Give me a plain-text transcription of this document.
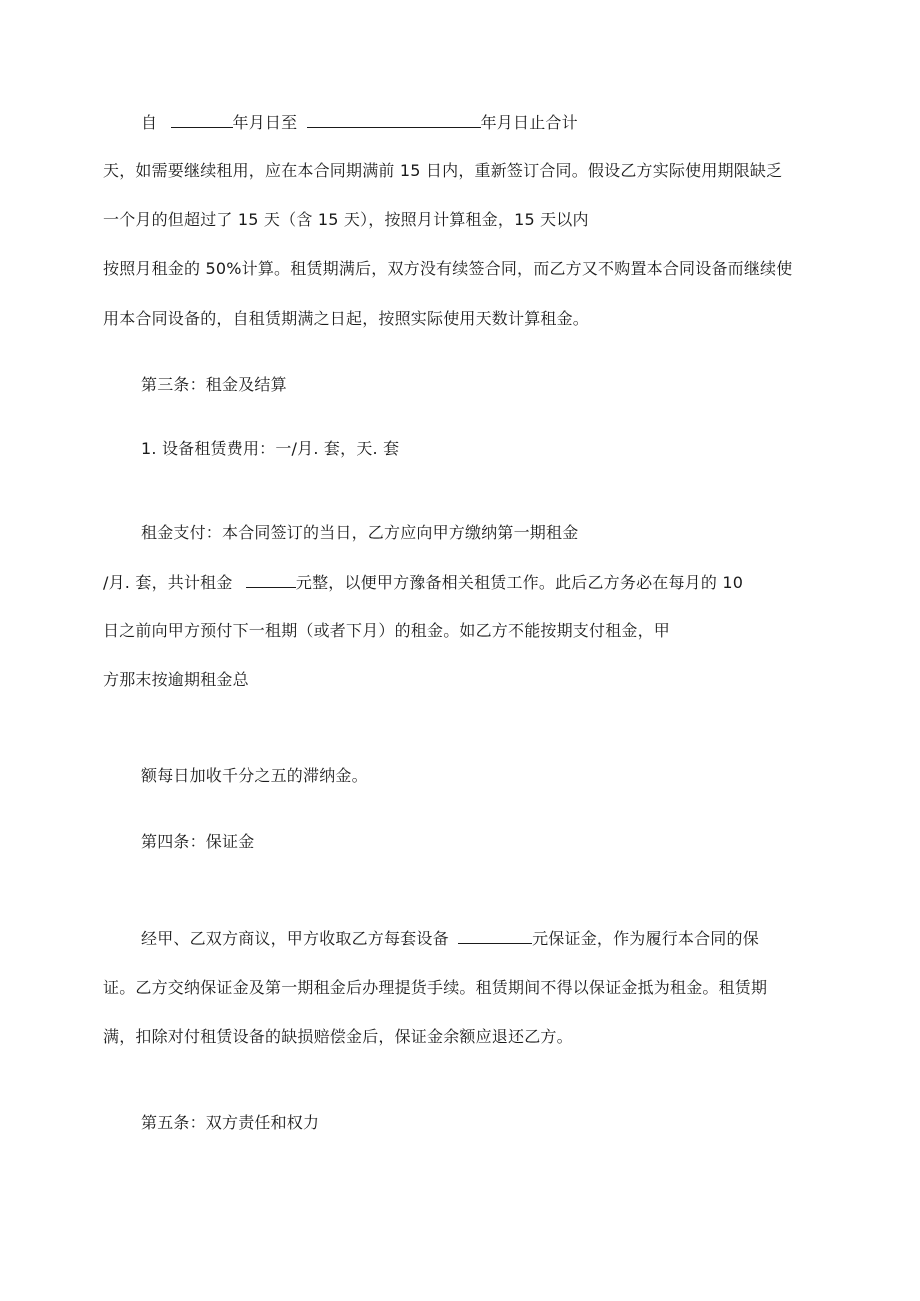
自	年月日至	年月日止合计
天，如需要继续租用，应在本合同期满前 15 日内，重新签订合同。假设乙方实际使用期限缺乏
一个月的但超过了 15 天（含 15 天），按照月计算租金，15 天以内
按照月租金的 50%计算。租赁期满后，双方没有续签合同，而乙方又不购置本合同设备而继续使
用本合同设备的，自租赁期满之日起，按照实际使用天数计算租金。
第三条：租金及结算
1. 设备租赁费用：一/月. 套，天. 套
租金支付：本合同签订的当日，乙方应向甲方缴纳第一期租金
/月. 套，共计租金	元整，以便甲方豫备相关租赁工作。此后乙方务必在每月的 10
日之前向甲方预付下一租期（或者下月）的租金。如乙方不能按期支付租金，甲
方那末按逾期租金总
额每日加收千分之五的滞纳金。
第四条：保证金
经甲、乙双方商议，甲方收取乙方每套设备	元保证金，作为履行本合同的保
证。乙方交纳保证金及第一期租金后办理提货手续。租赁期间不得以保证金抵为租金。租赁期
满，扣除对付租赁设备的缺损赔偿金后，保证金余额应退还乙方。
第五条：双方责任和权力
